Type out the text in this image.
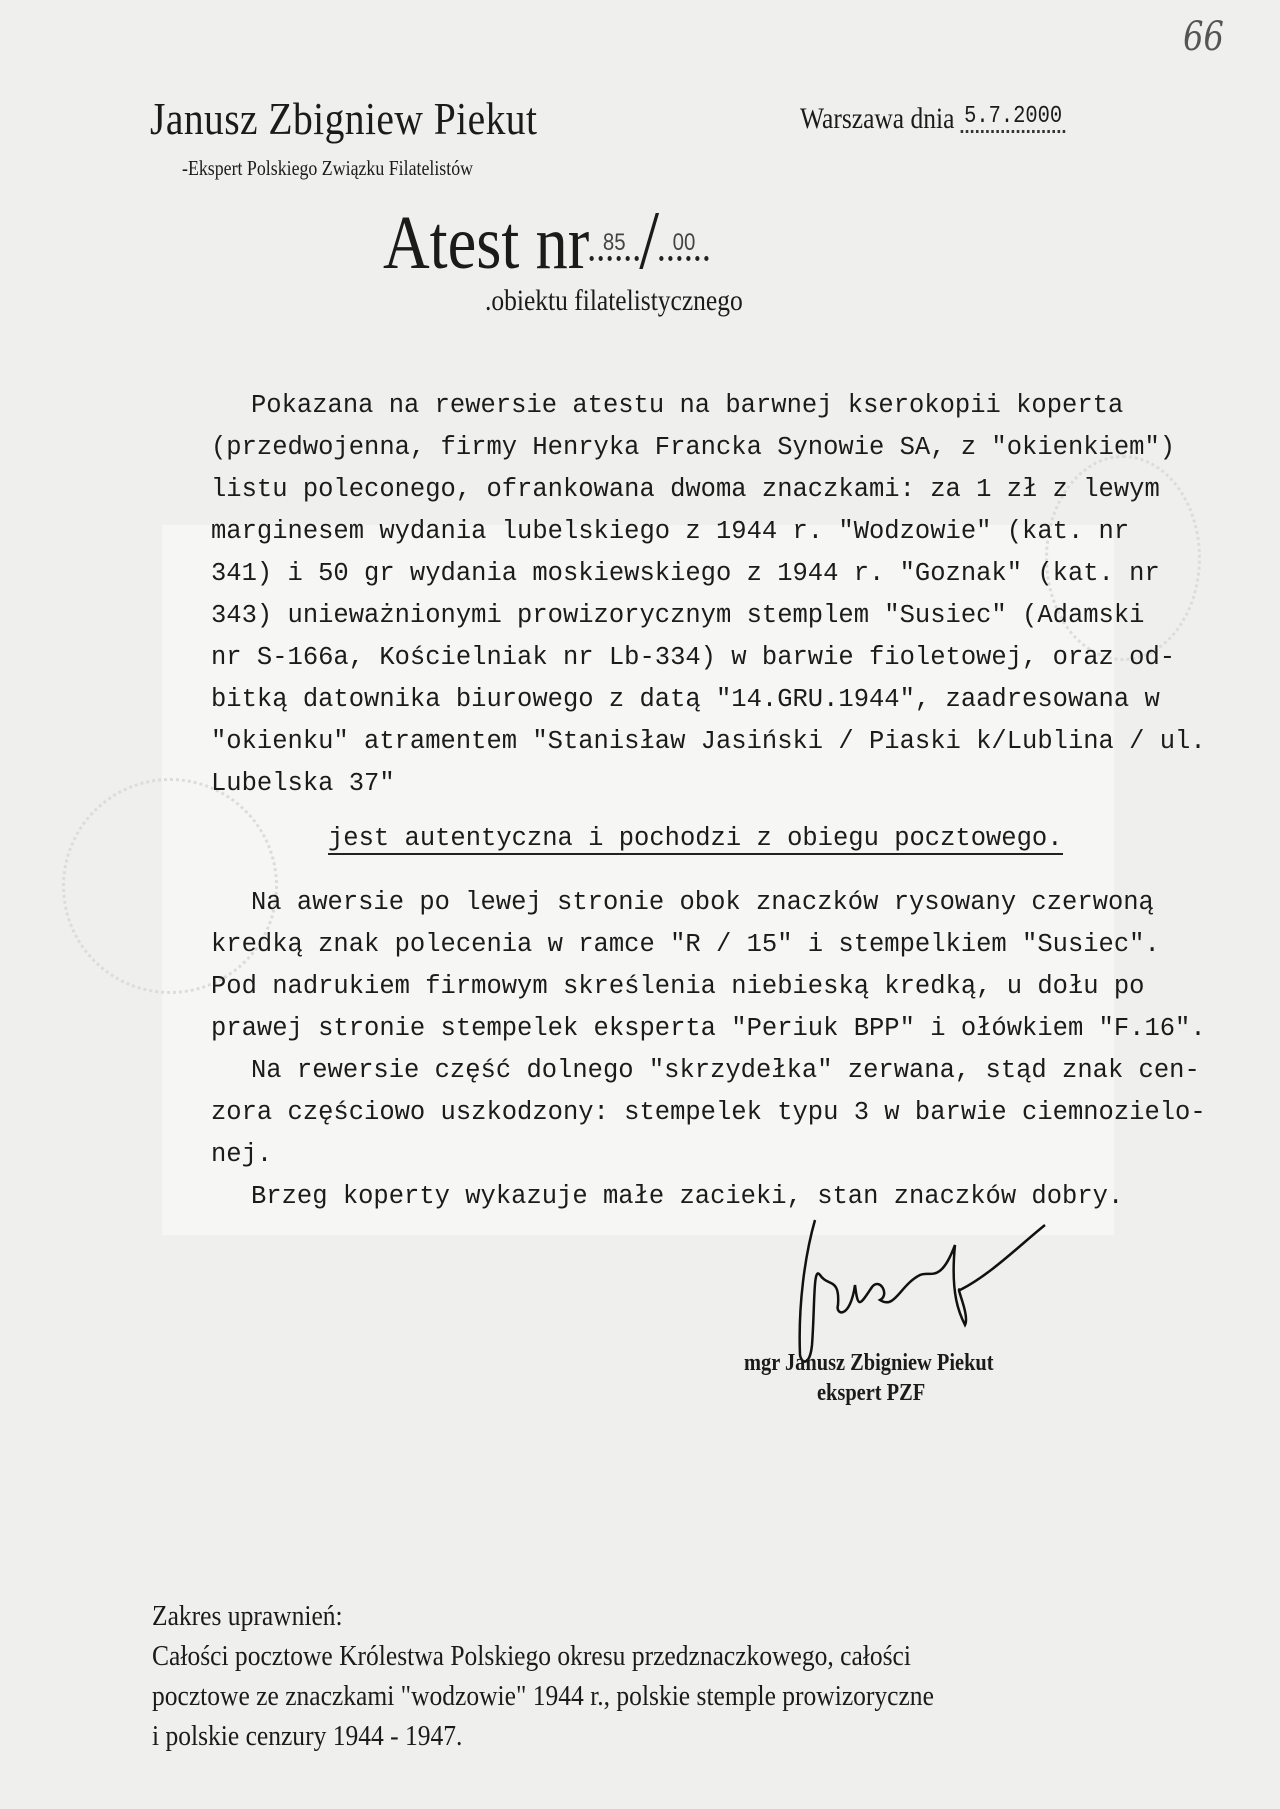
66
Janusz Zbigniew Piekut
-Ekspert Polskiego Związku Filatelistów
Warszawa dnia $^{5.7.2000}$
Atest nr $^{85}$ / $^{00}$
.obiektu filatelistycznego
Pokazana na rewersie atestu na barwnej kserokopii koperta
(przedwojenna, firmy Henryka Francka Synowie SA, z "okienkiem")
listu poleconego, ofrankowana dwoma znaczkami: za 1 zł z lewym
marginesem wydania lubelskiego z 1944 r. "Wodzowie" (kat. nr
341) i 50 gr wydania moskiewskiego z 1944 r. "Goznak" (kat. nr
343) unieważnionymi prowizorycznym stemplem "Susiec" (Adamski
nr S-166a, Kościelniak nr Lb-334) w barwie fioletowej, oraz od-
bitką datownika biurowego z datą "14.GRU.1944", zaadresowana w
"okienku" atramentem "Stanisław Jasiński / Piaski k/Lublina / ul.
Lubelska 37"
jest autentyczna i pochodzi z obiegu pocztowego.
Na awersie po lewej stronie obok znaczków rysowany czerwoną
kredką znak polecenia w ramce "R / 15" i stempelkiem "Susiec".
Pod nadrukiem firmowym skreślenia niebieską kredką, u dołu po
prawej stronie stempelek eksperta "Periuk BPP" i ołówkiem "F.16".
Na rewersie część dolnego "skrzydełka" zerwana, stąd znak cen-
zora częściowo uszkodzony: stempelek typu 3 w barwie ciemnozielo-
nej.
Brzeg koperty wykazuje małe zacieki, stan znaczków dobry.
mgr Janusz Zbigniew Piekut
ekspert PZF
Zakres uprawnień:
Całości pocztowe Królestwa Polskiego okresu przedznaczkowego, całości
pocztowe ze znaczkami "wodzowie" 1944 r., polskie stemple prowizoryczne
i polskie cenzury 1944 - 1947.
